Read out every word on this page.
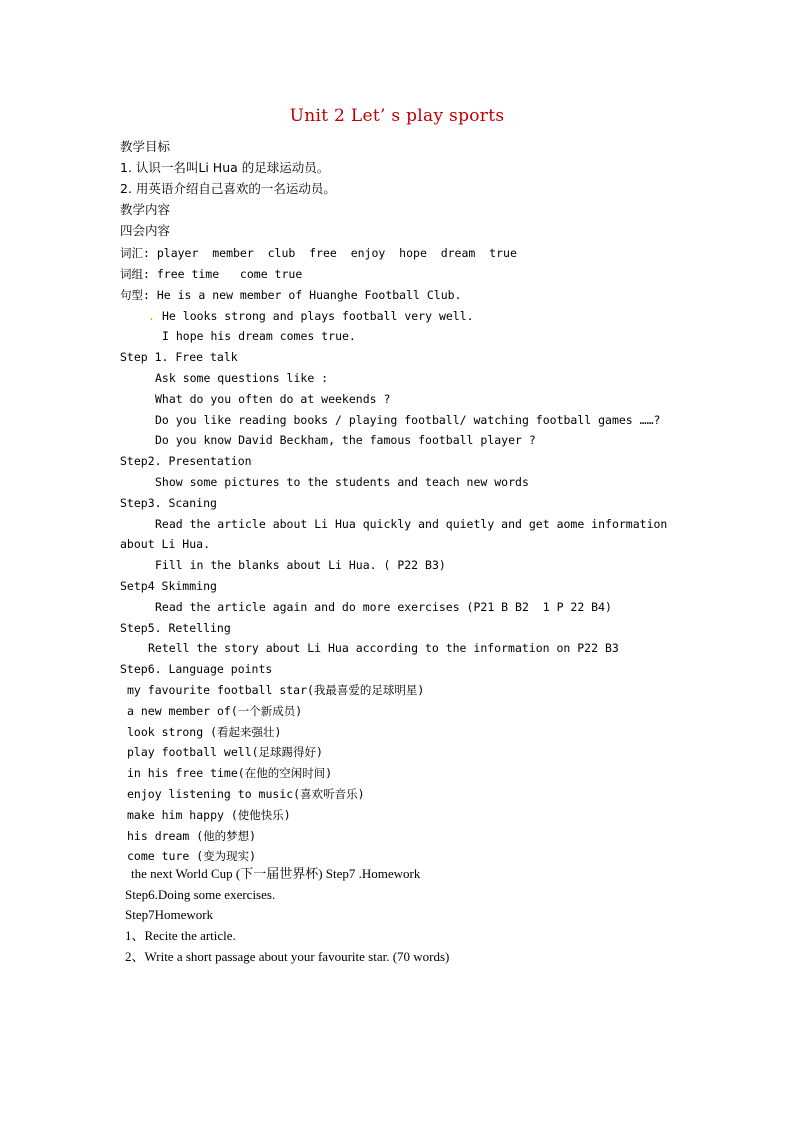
Unit 2 Let’ s play sports
教学目标
1. 认识一名叫Li Hua 的足球运动员。
2. 用英语介绍自己喜欢的一名运动员。
教学内容
四会内容
词汇: player  member  club  free  enjoy  hope  dream  true
词组: free time   come true
句型: He is a new member of Huanghe Football Club.
. He looks strong and plays football very well.
I hope his dream comes true.
Step 1. Free talk
Ask some questions like :
What do you often do at weekends ?
Do you like reading books / playing football/ watching football games ……?
Do you know David Beckham, the famous football player ?
Step2. Presentation
Show some pictures to the students and teach new words
Step3. Scaning
Read the article about Li Hua quickly and quietly and get aome information
about Li Hua.
Fill in the blanks about Li Hua. ( P22 B3)
Setp4 Skimming
Read the article again and do more exercises (P21 B B2  1 P 22 B4)
Step5. Retelling
Retell the story about Li Hua according to the information on P22 B3
Step6. Language points
my favourite football star(我最喜爱的足球明星)
a new member of(一个新成员)
look strong (看起来强壮)
play football well(足球踢得好)
in his free time(在他的空闲时间)
enjoy listening to music(喜欢听音乐)
make him happy (使他快乐)
his dream (他的梦想)
come ture (变为现实)
the next World Cup (下一届世界杯) Step7 .Homework
Step6.Doing some exercises.
Step7Homework
1、Recite the article.
2、Write a short passage about your favourite star. (70 words)
